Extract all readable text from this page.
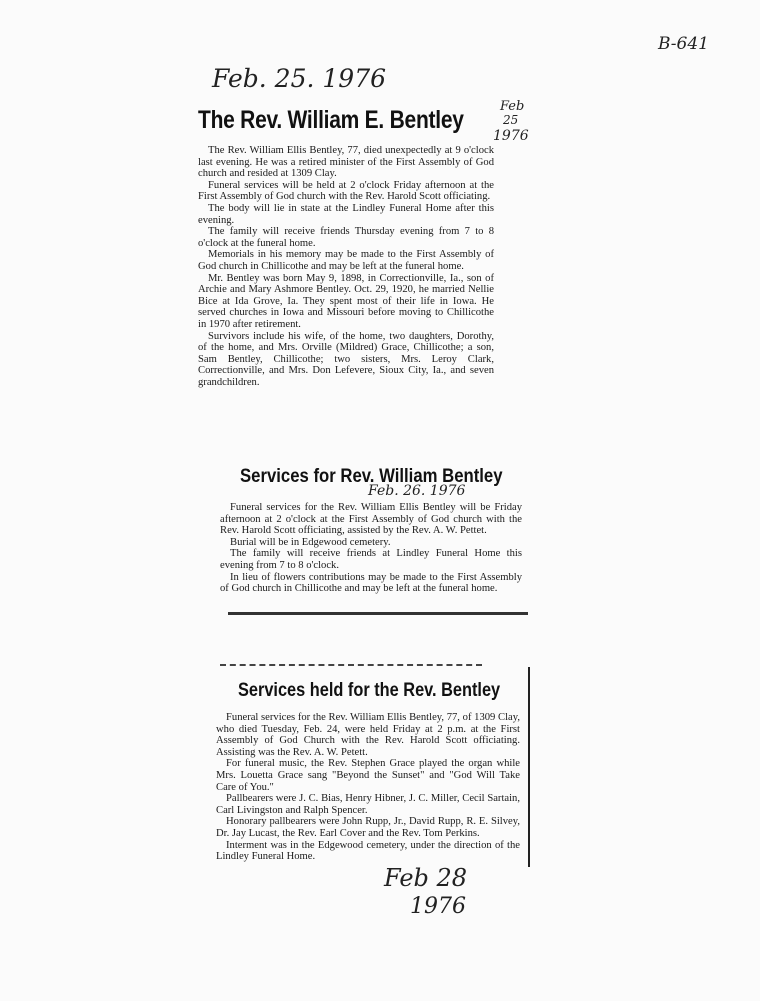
B-641
Feb. 25. 1976
Feb
25
1976
The Rev. William E. Bentley

The Rev. William Ellis Bentley, 77, died unexpectedly at 9 o'clock last evening. He was a retired minister of the First Assembly of God church and resided at 1309 Clay.

Funeral services will be held at 2 o'clock Friday afternoon at the First Assembly of God church with the Rev. Harold Scott officiating.

The body will lie in state at the Lindley Funeral Home after this evening.

The family will receive friends Thursday evening from 7 to 8 o'clock at the funeral home.

Memorials in his memory may be made to the First Assembly of God church in Chillicothe and may be left at the funeral home.

Mr. Bentley was born May 9, 1898, in Correctionville, Ia., son of Archie and Mary Ashmore Bentley. Oct. 29, 1920, he married Nellie Bice at Ida Grove, Ia. They spent most of their life in Iowa. He served churches in Iowa and Missouri before moving to Chillicothe in 1970 after retirement.

Survivors include his wife, of the home, two daughters, Dorothy, of the home, and Mrs. Orville (Mildred) Grace, Chillicothe; a son, Sam Bentley, Chillicothe; two sisters, Mrs. Leroy Clark, Correctionville, and Mrs. Don Lefevere, Sioux City, Ia., and seven grandchildren.

Services for Rev. William Bentley

Funeral services for the Rev. William Ellis Bentley will be Friday afternoon at 2 o'clock at the First Assembly of God church with the Rev. Harold Scott officiating, assisted by the Rev. A. W. Pettet.

Burial will be in Edgewood cemetery.

The family will receive friends at Lindley Funeral Home this evening from 7 to 8 o'clock.

In lieu of flowers contributions may be made to the First Assembly of God church in Chillicothe and may be left at the funeral home.

Feb. 26. 1976
Services held for the Rev. Bentley

Funeral services for the Rev. William Ellis Bentley, 77, of 1309 Clay, who died Tuesday, Feb. 24, were held Friday at 2 p.m. at the First Assembly of God Church with the Rev. Harold Scott officiating. Assisting was the Rev. A. W. Petett.

For funeral music, the Rev. Stephen Grace played the organ while Mrs. Louetta Grace sang "Beyond the Sunset" and "God Will Take Care of You."

Pallbearers were J. C. Bias, Henry Hibner, J. C. Miller, Cecil Sartain, Carl Livingston and Ralph Spencer.

Honorary pallbearers were John Rupp, Jr., David Rupp, R. E. Silvey, Dr. Jay Lucast, the Rev. Earl Cover and the Rev. Tom Perkins.

Interment was in the Edgewood cemetery, under the direction of the Lindley Funeral Home.

Feb 28
1976
